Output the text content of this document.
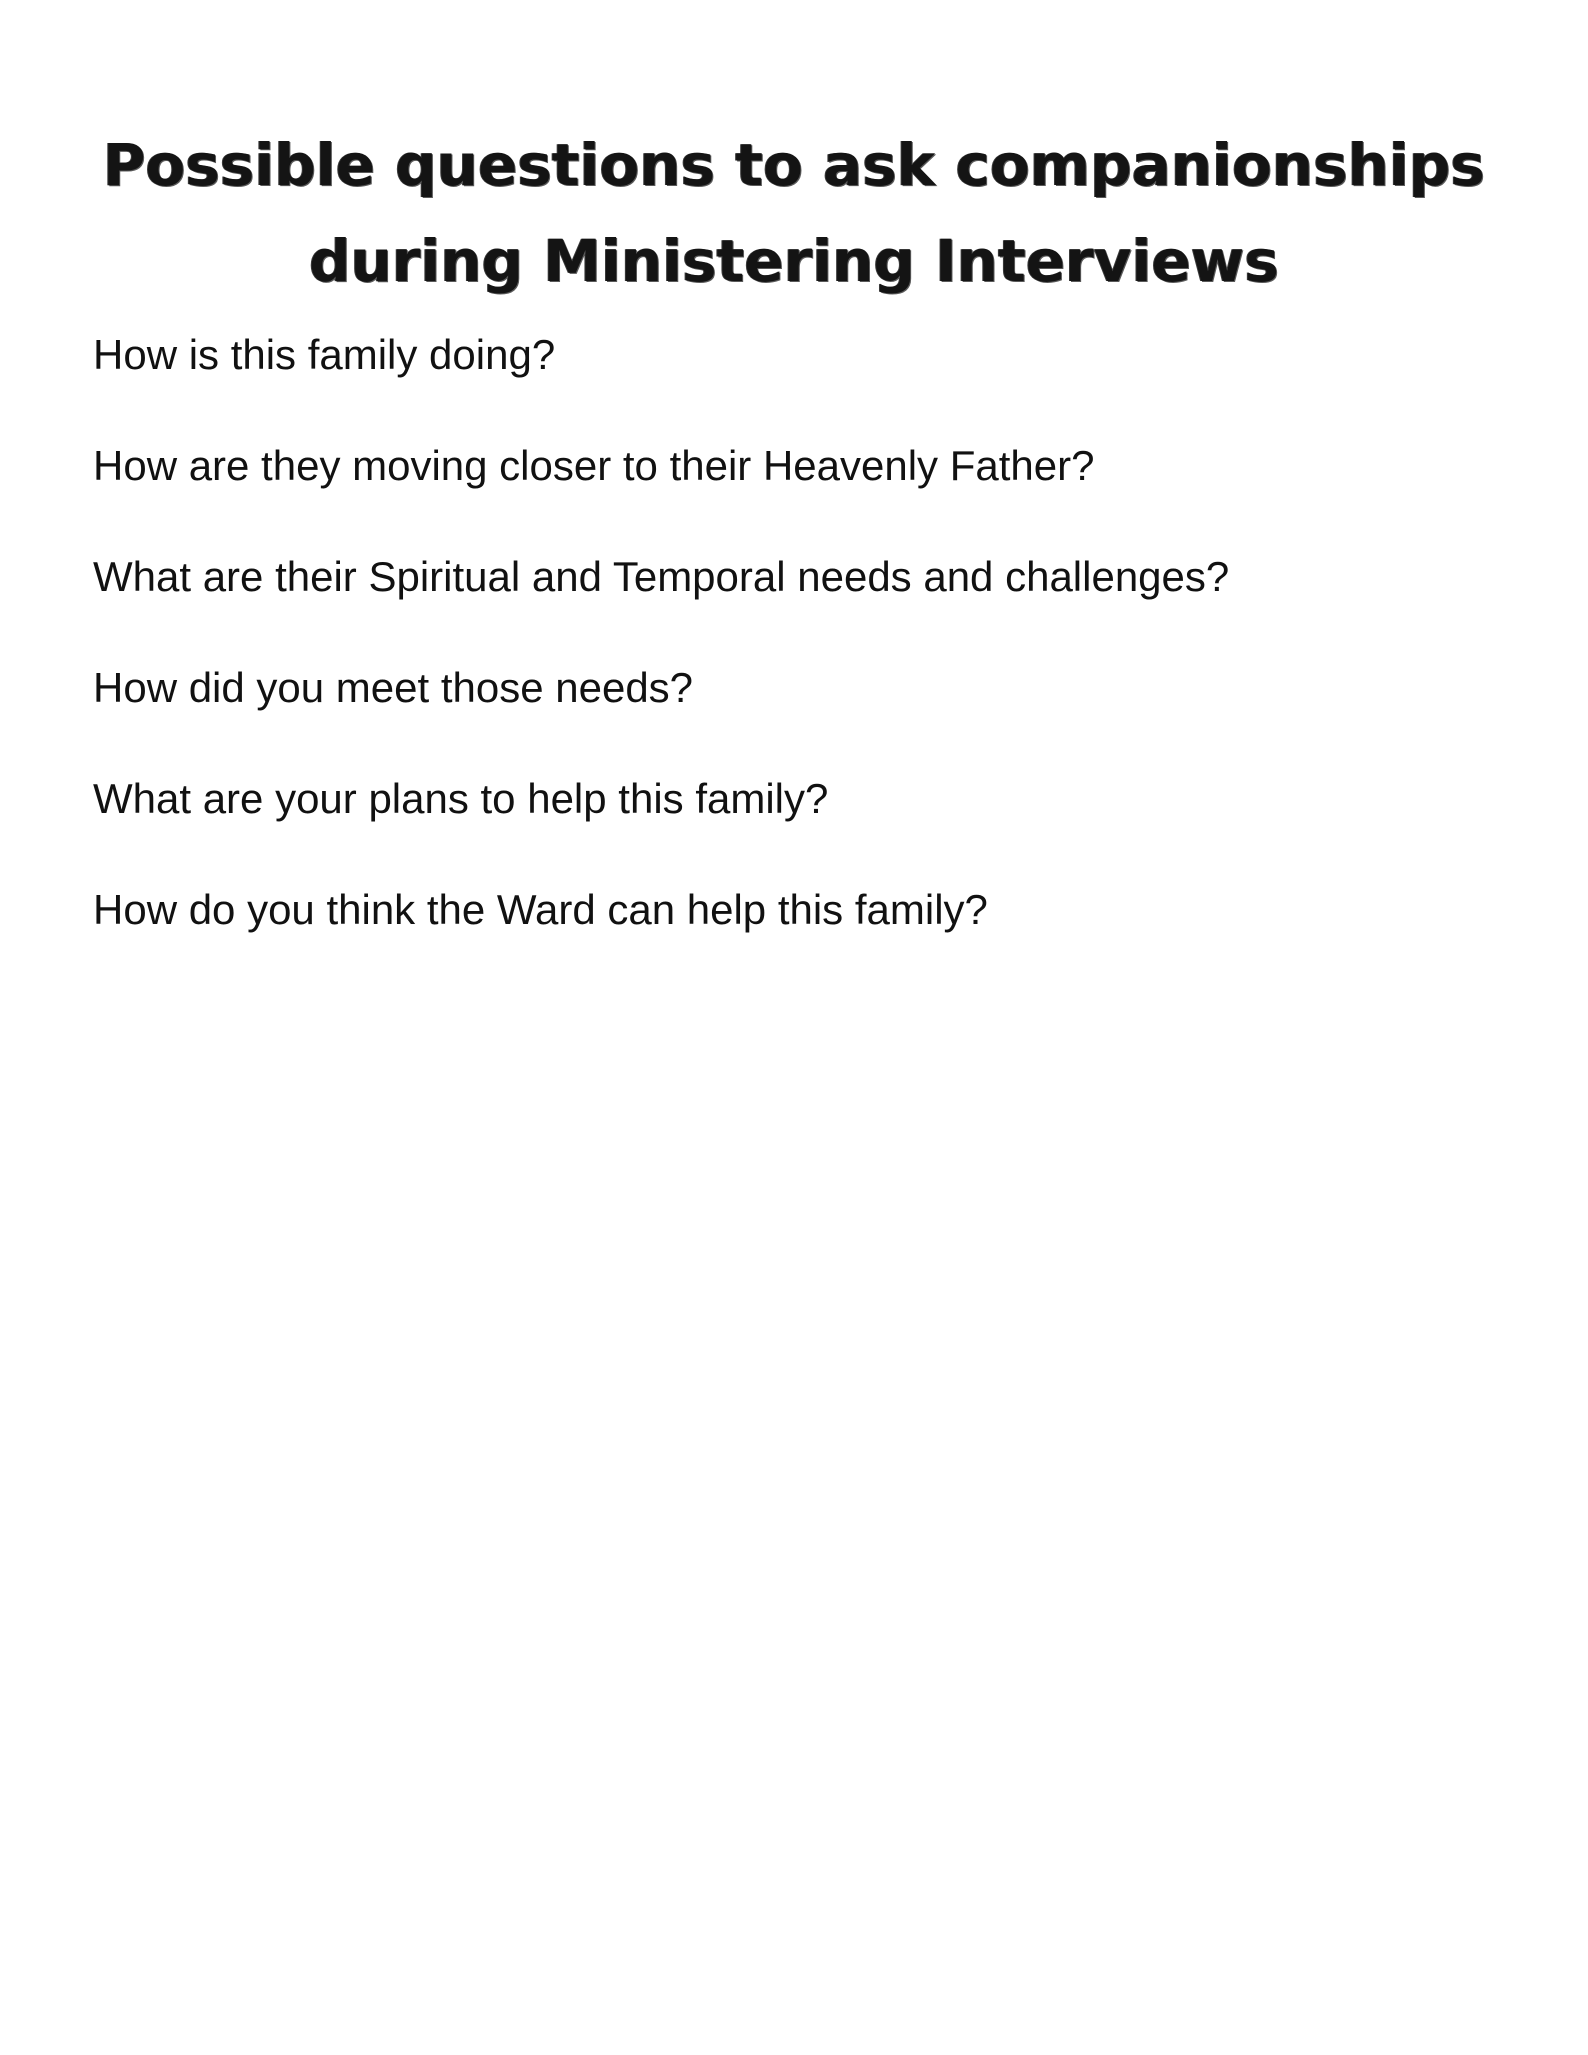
Possible questions to ask companionships
during Ministering Interviews
How is this family doing?
How are they moving closer to their Heavenly Father?
What are their Spiritual and Temporal needs and challenges?
How did you meet those needs?
What are your plans to help this family?
How do you think the Ward can help this family?
